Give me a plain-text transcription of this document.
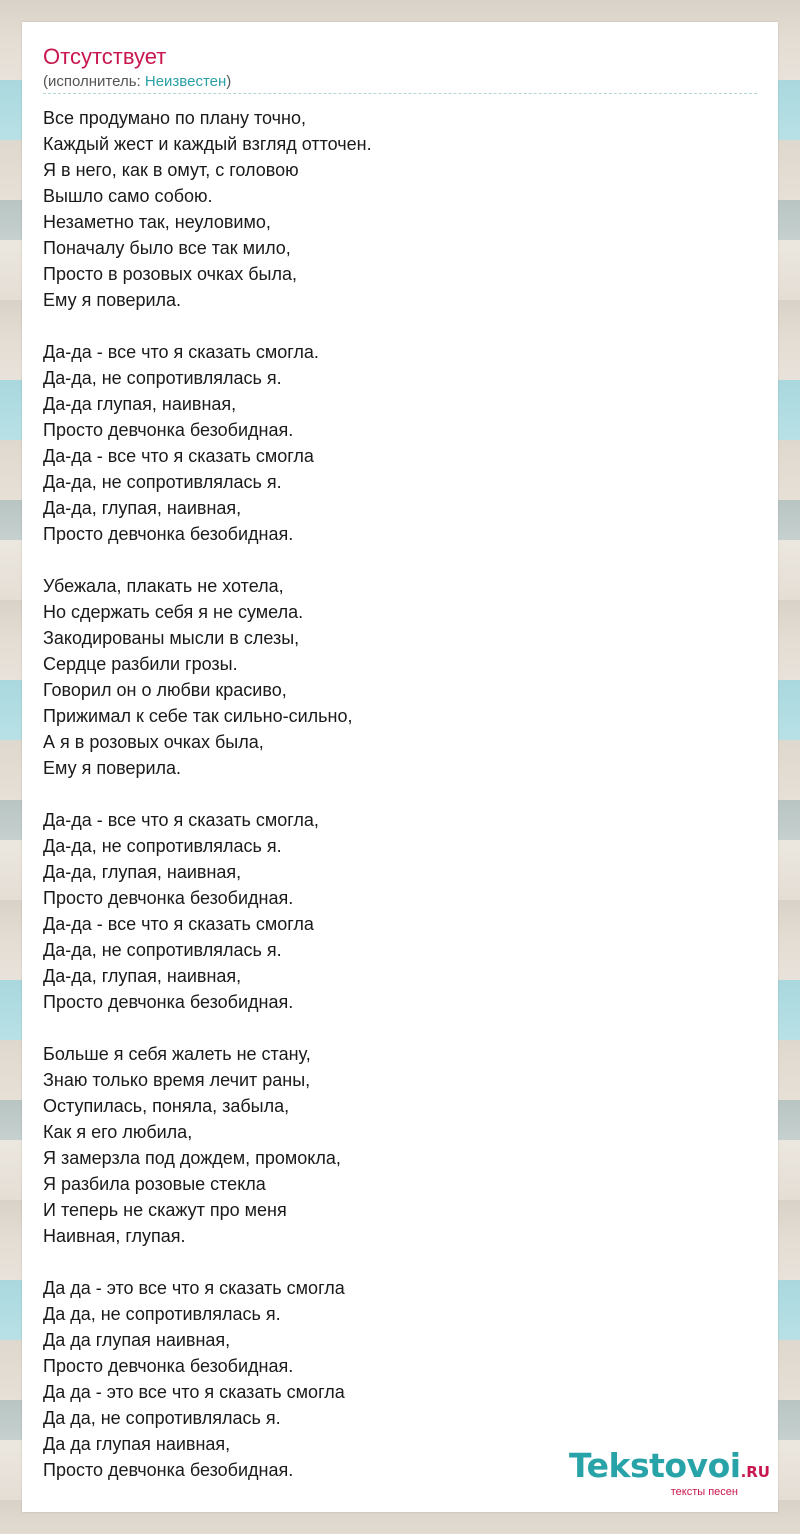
Отсутствует
(исполнитель: Неизвестен)
Все продумано по плану точно,
Каждый жест и каждый взгляд отточен.
Я в него, как в омут, с головою
Вышло само собою.
Незаметно так, неуловимо,
Поначалу было все так мило,
Просто в розовых очках была,
Ему я поверила.
Да-да - все что я сказать смогла.
Да-да, не сопротивлялась я.
Да-да глупая, наивная,
Просто девчонка безобидная.
Да-да - все что я сказать смогла
Да-да, не сопротивлялась я.
Да-да, глупая, наивная,
Просто девчонка безобидная.
Убежала, плакать не хотела,
Но сдержать себя я не сумела.
Закодированы мысли в слезы,
Сердце разбили грозы.
Говорил он о любви красиво,
Прижимал к себе так сильно-сильно,
А я в розовых очках была,
Ему я поверила.
Да-да - все что я сказать смогла,
Да-да, не сопротивлялась я.
Да-да, глупая, наивная,
Просто девчонка безобидная.
Да-да - все что я сказать смогла
Да-да, не сопротивлялась я.
Да-да, глупая, наивная,
Просто девчонка безобидная.
Больше я себя жалеть не стану,
Знаю только время лечит раны,
Оступилась, поняла, забыла,
Как я его любила,
Я замерзла под дождем, промокла,
Я разбила розовые стекла
И теперь не скажут про меня
Наивная, глупая.
Да да - это все что я сказать смогла
Да да, не сопротивлялась я.
Да да глупая наивная,
Просто девчонка безобидная.
Да да - это все что я сказать смогла
Да да, не сопротивлялась я.
Да да глупая наивная,
Просто девчонка безобидная.	Tekstovoi.RU
тексты песен
